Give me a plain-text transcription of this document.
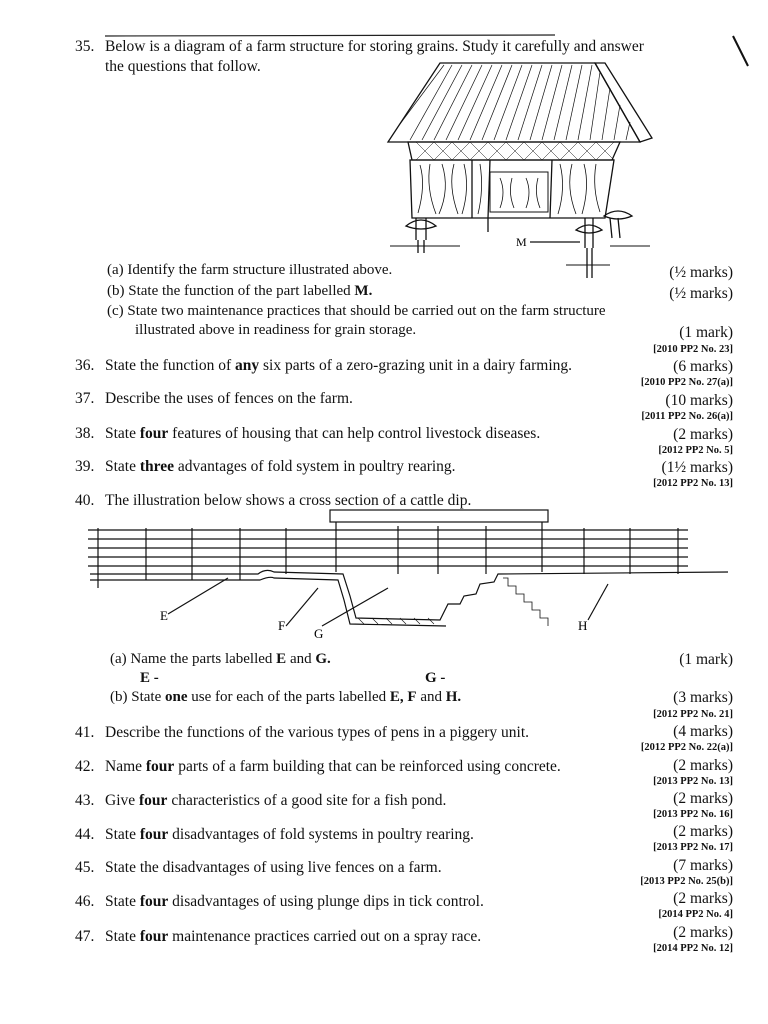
35. Below is a diagram of a farm structure for storing grains. Study it carefully and answer
the questions that follow.
M
(a) Identify the farm structure illustrated above.	(½ marks)
(b) State the function of the part labelled M.	(½ marks)
(c) State two maintenance practices that should be carried out on the farm structure
illustrated above in readiness for grain storage.	(1 mark)
[2010 PP2 No. 23]
36. State the function of any six parts of a zero-grazing unit in a dairy farming.	(6 marks)
[2010 PP2 No. 27(a)]
37. Describe the uses of fences on the farm.	(10 marks)
[2011 PP2 No. 26(a)]
38. State four features of housing that can help control livestock diseases.	(2 marks)
[2012 PP2 No. 5]
39. State three advantages of fold system in poultry rearing.	(1½ marks)
[2012 PP2 No. 13]
40. The illustration below shows a cross section of a cattle dip.
E
F
G
H
(a) Name the parts labelled E and G.	(1 mark)
E -	G -
(b) State one use for each of the parts labelled E, F and H.	(3 marks)
[2012 PP2 No. 21]
41. Describe the functions of the various types of pens in a piggery unit.	(4 marks)
[2012 PP2 No. 22(a)]
42. Name four parts of a farm building that can be reinforced using concrete.	(2 marks)
[2013 PP2 No. 13]
43. Give four characteristics of a good site for a fish pond.	(2 marks)
[2013 PP2 No. 16]
44. State four disadvantages of fold systems in poultry rearing.	(2 marks)
[2013 PP2 No. 17]
45. State the disadvantages of using live fences on a farm.	(7 marks)
[2013 PP2 No. 25(b)]
46. State four disadvantages of using plunge dips in tick control.	(2 marks)
[2014 PP2 No. 4]
47. State four maintenance practices carried out on a spray race.	(2 marks)
[2014 PP2 No. 12]
